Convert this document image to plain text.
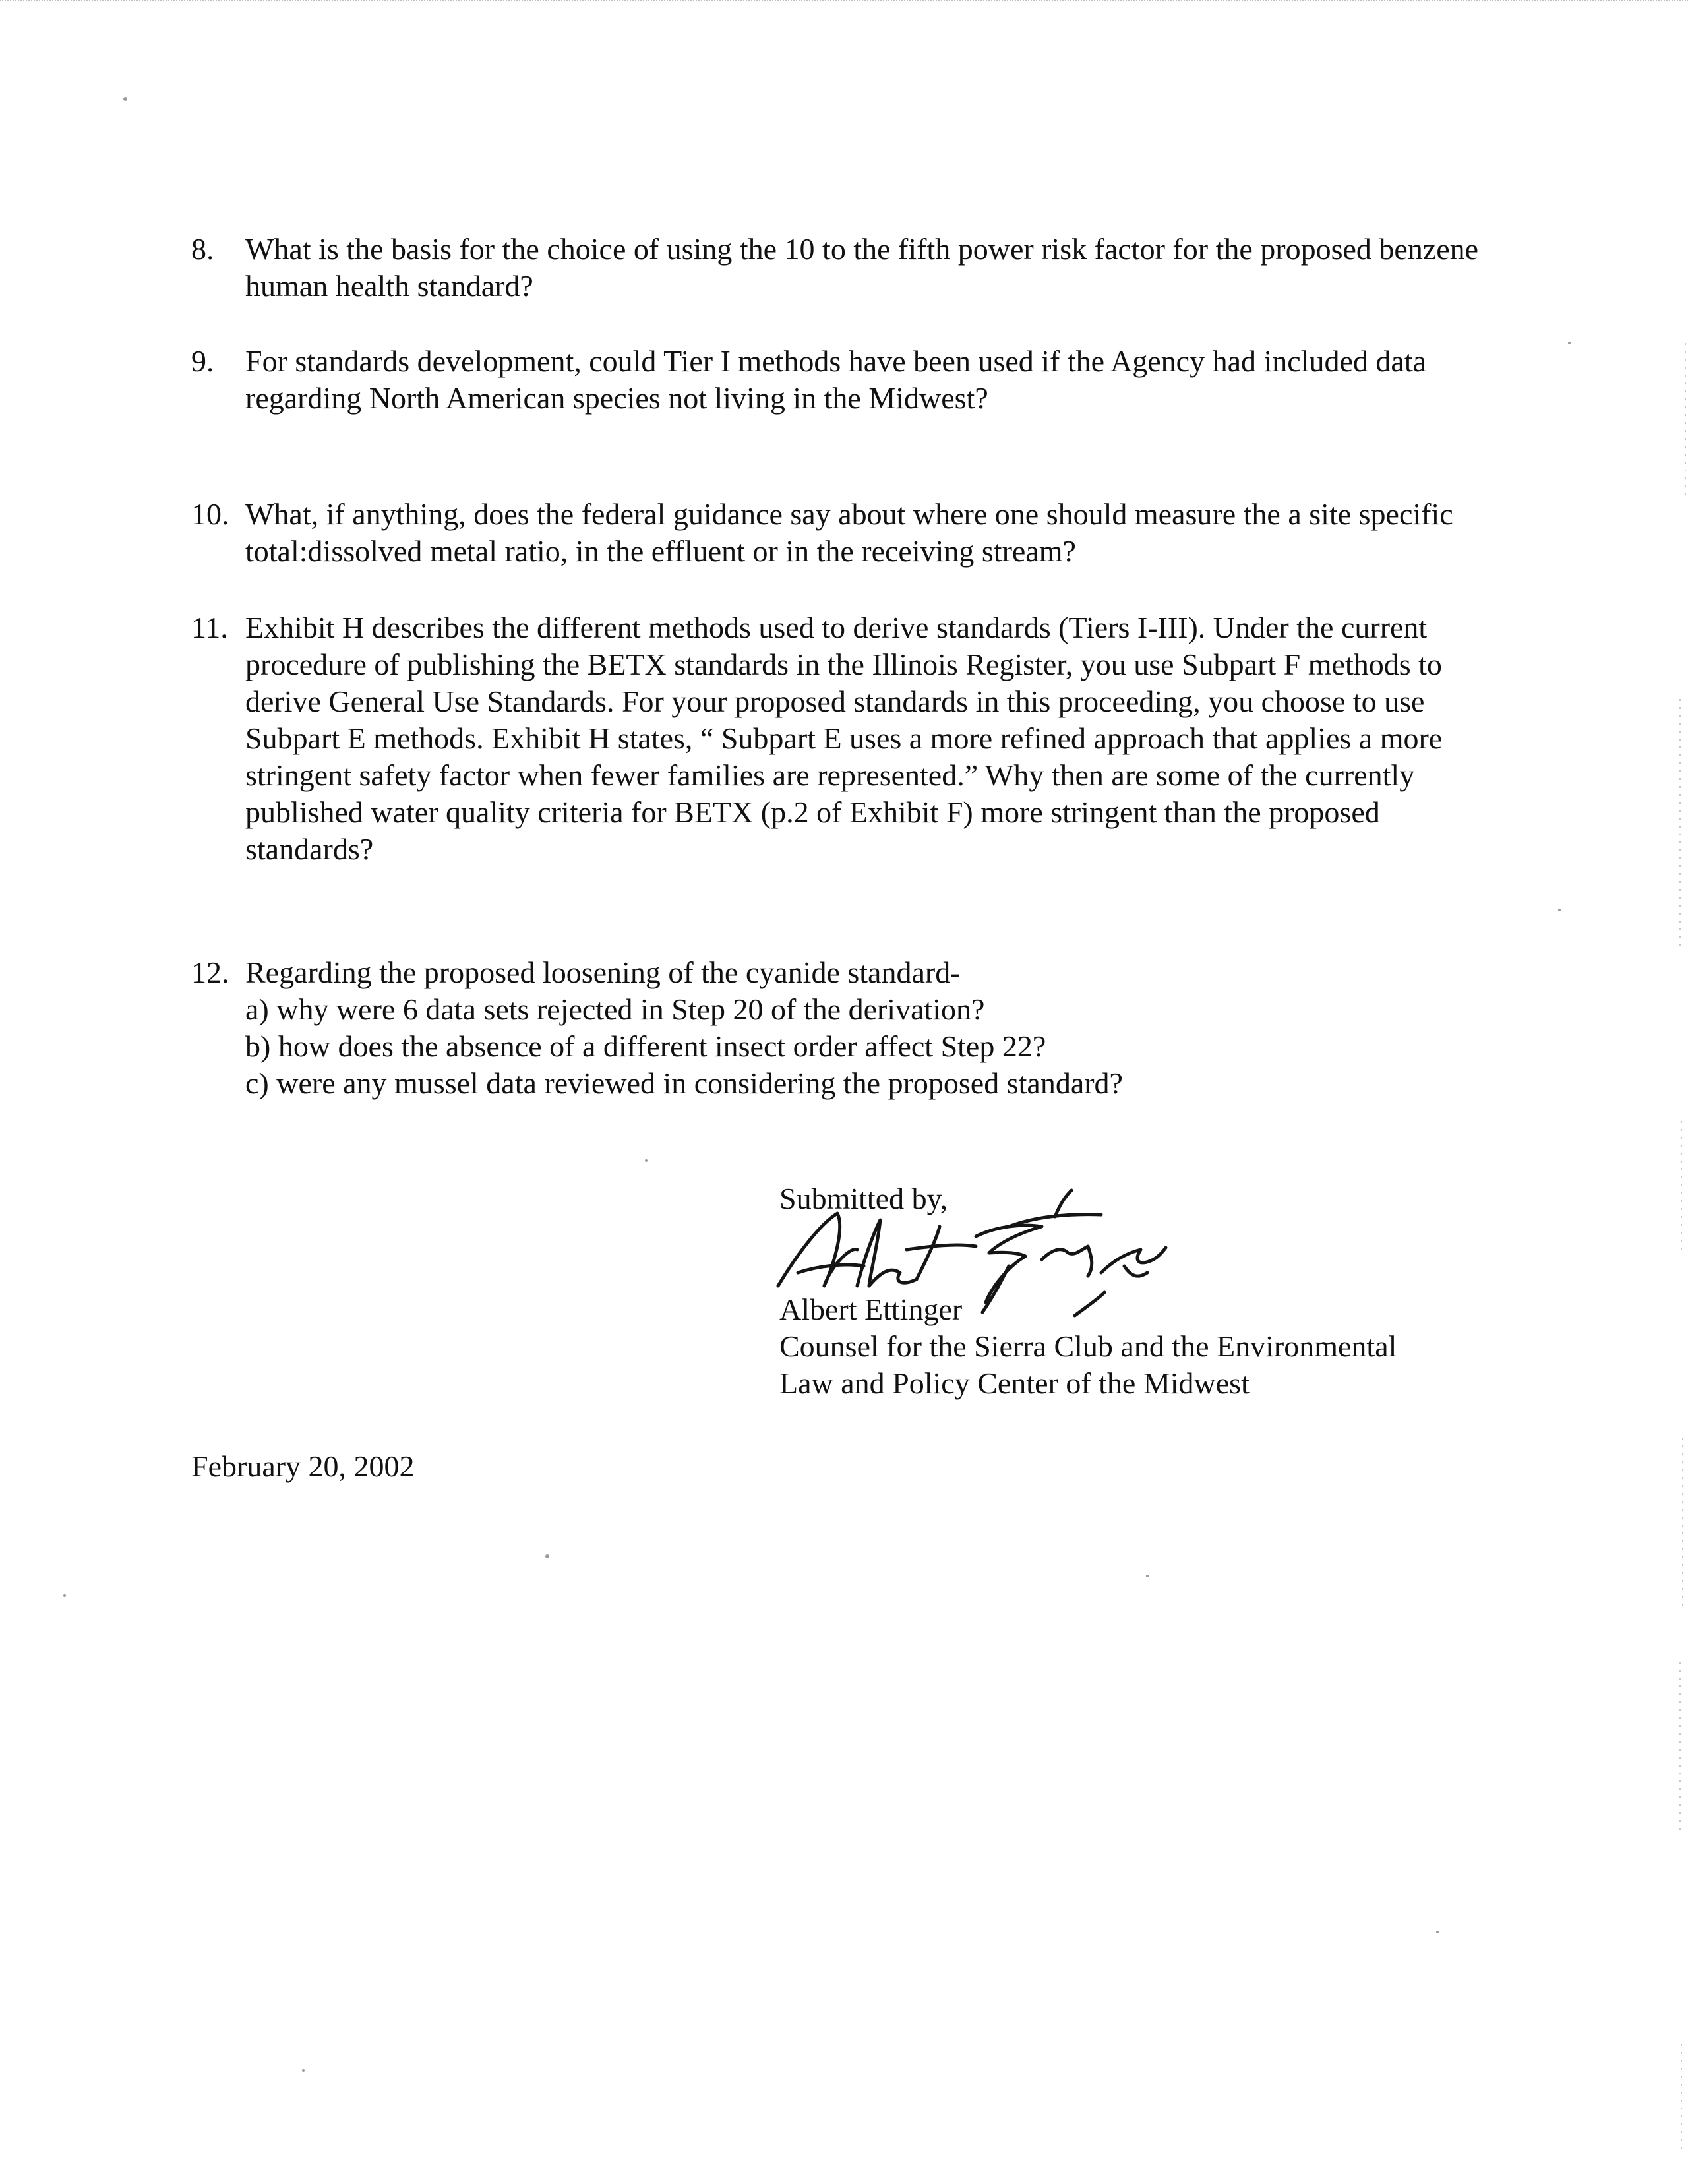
8. What is the basis for the choice of using the 10 to the fifth power risk factor for the proposed benzene human health standard?
9. For standards development, could Tier I methods have been used if the Agency had included data regarding North American species not living in the Midwest?
10. What, if anything, does the federal guidance say about where one should measure the a site specific total:dissolved metal ratio, in the effluent or in the receiving stream?
11. Exhibit H describes the different methods used to derive standards (Tiers I-III). Under the current procedure of publishing the BETX standards in the Illinois Register, you use Subpart F methods to derive General Use Standards. For your proposed standards in this proceeding, you choose to use Subpart E methods. Exhibit H states, “ Subpart E uses a more refined approach that applies a more stringent safety factor when fewer families are represented.” Why then are some of the currently published water quality criteria for BETX (p.2 of Exhibit F) more stringent than the proposed standards?
12. Regarding the proposed loosening of the cyanide standard-
a) why were 6 data sets rejected in Step 20 of the derivation?
b) how does the absence of a different insect order affect Step 22?
c) were any mussel data reviewed in considering the proposed standard?
Submitted by,
Albert Ettinger
Counsel for the Sierra Club and the Environmental
Law and Policy Center of the Midwest
February 20, 2002
